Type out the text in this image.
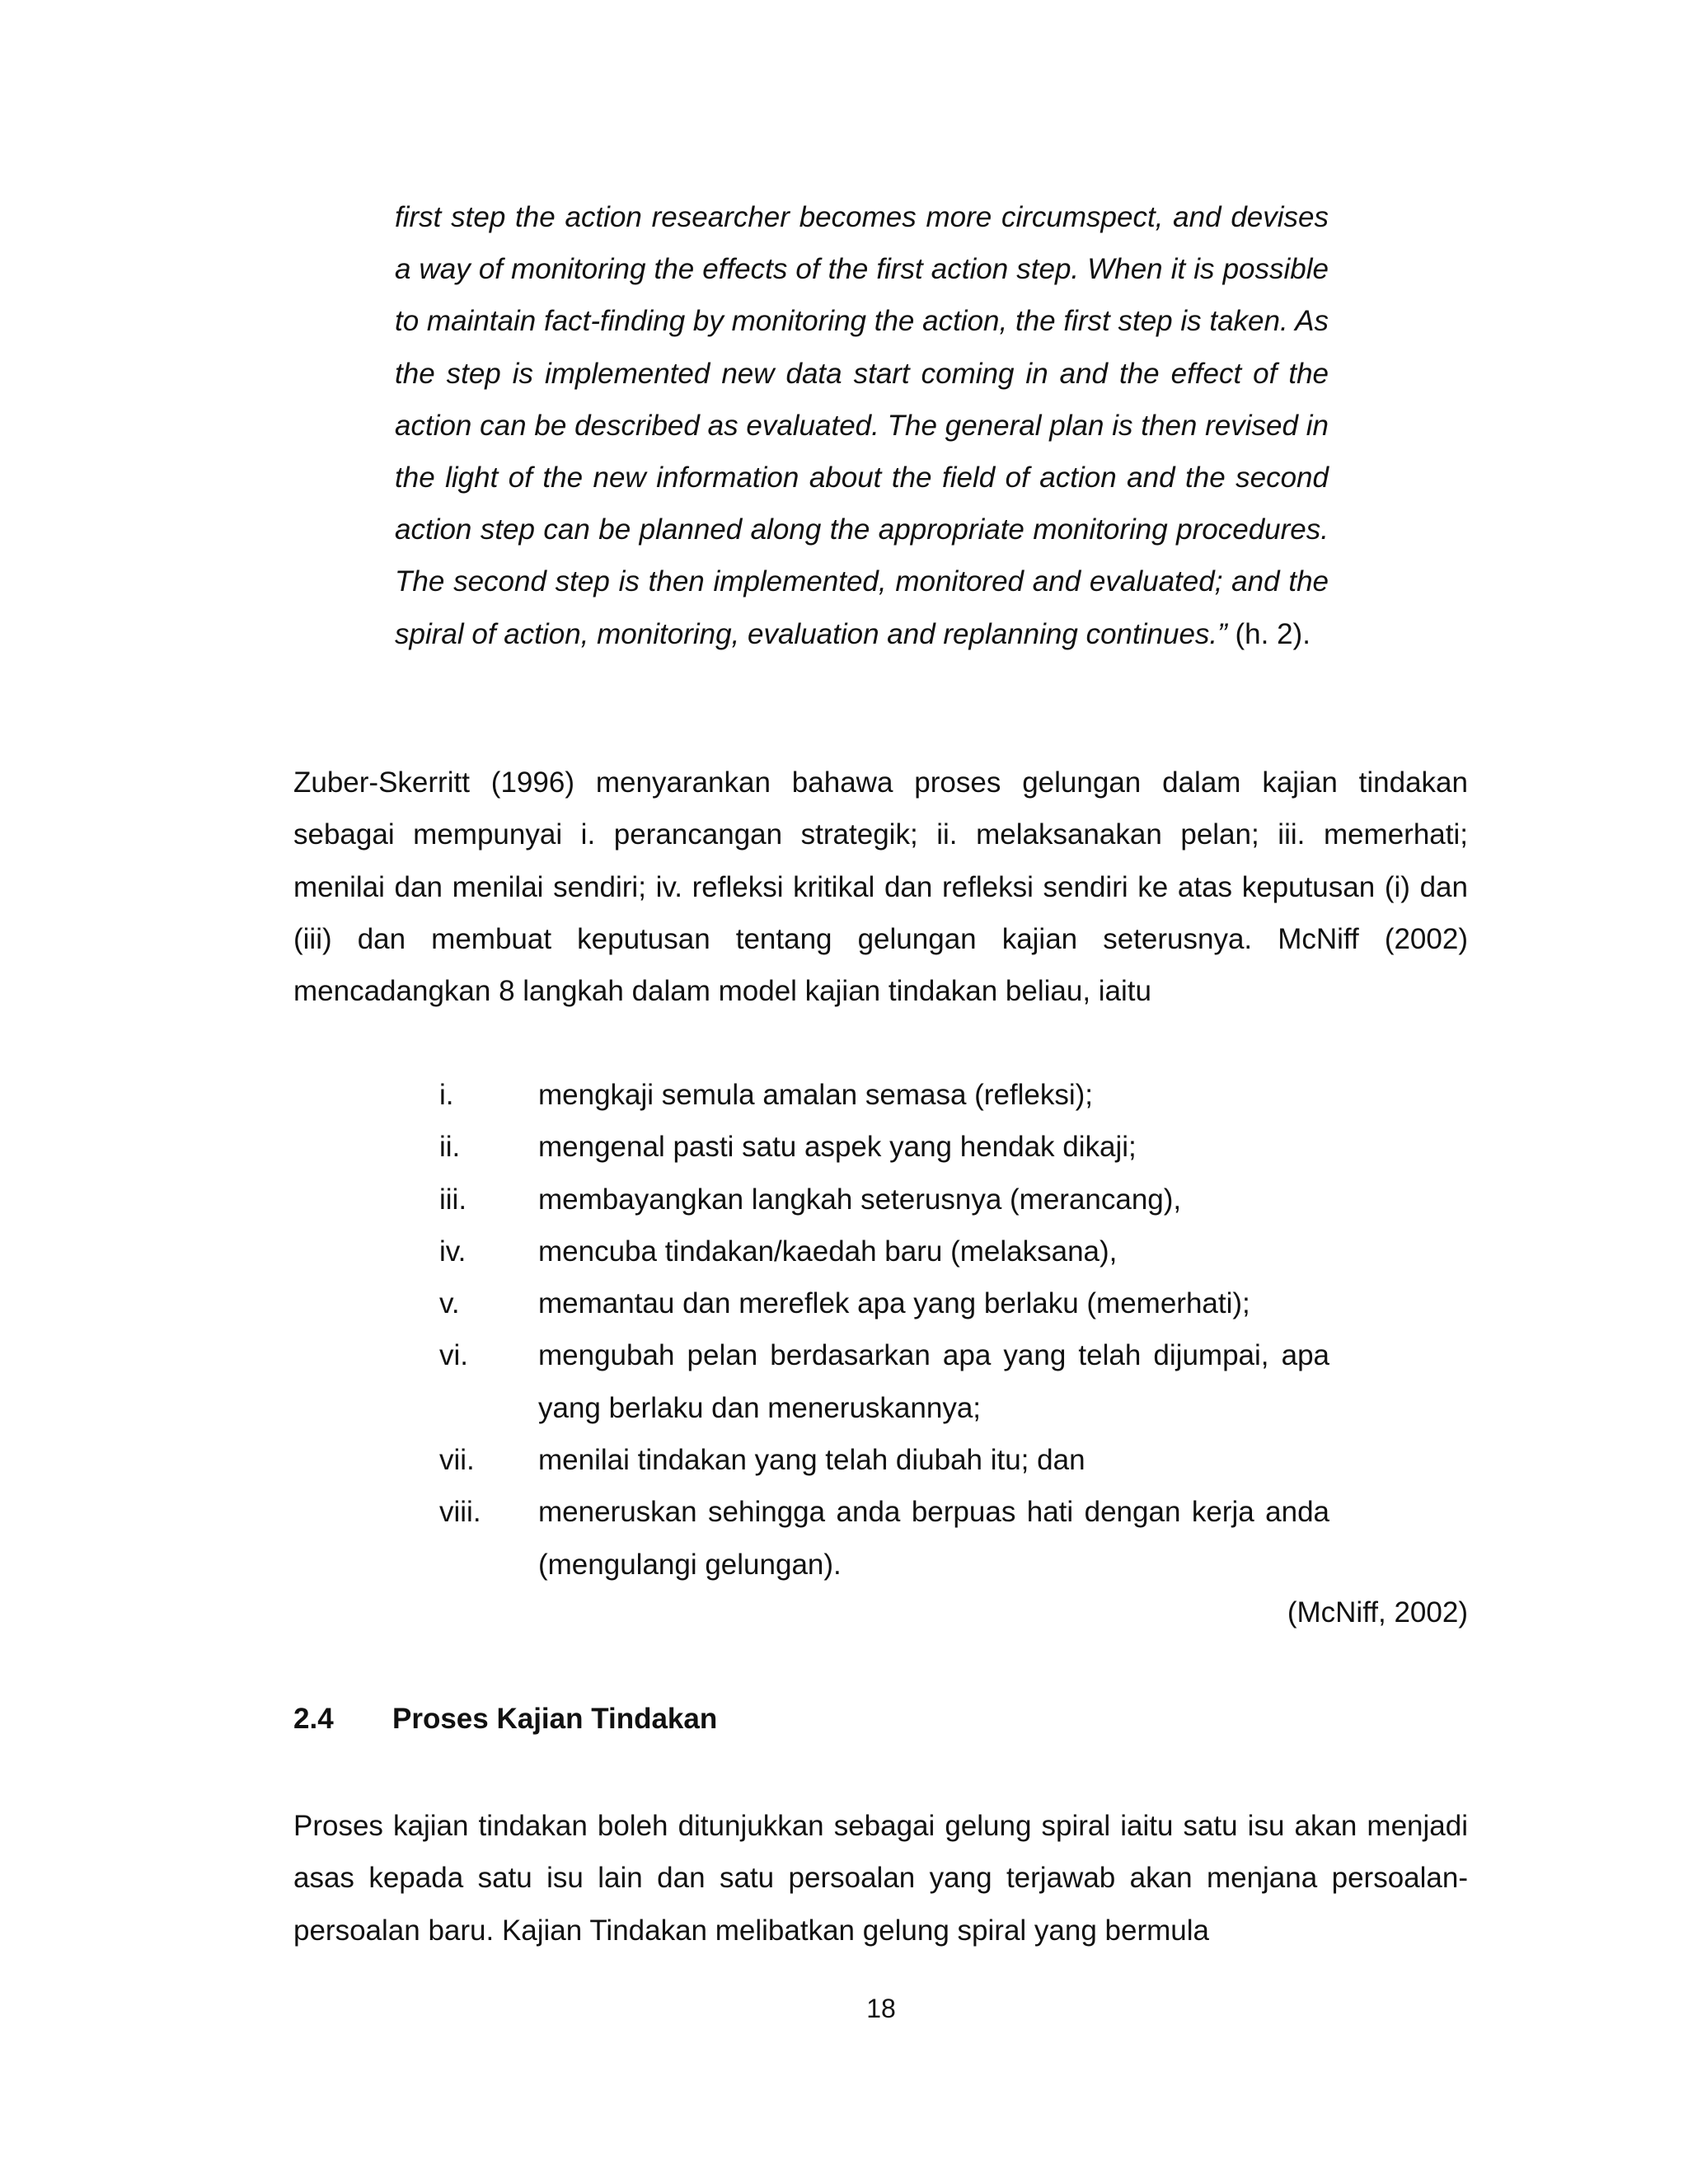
first step the action researcher becomes more circumspect, and devises a way of monitoring the effects of the first action step. When it is possible to maintain fact-finding by monitoring the action, the first step is taken. As the step is implemented new data start coming in and the effect of the action can be described as evaluated. The general plan is then revised in the light of the new information about the field of action and the second action step can be planned along the appropriate monitoring procedures. The second step is then implemented, monitored and evaluated; and the spiral of action, monitoring, evaluation and replanning continues.” (h. 2).
Zuber-Skerritt (1996) menyarankan bahawa proses gelungan dalam kajian tindakan sebagai mempunyai i. perancangan strategik; ii. melaksanakan pelan; iii. memerhati; menilai dan menilai sendiri; iv. refleksi kritikal dan refleksi sendiri ke atas keputusan (i) dan (iii) dan membuat keputusan tentang gelungan kajian seterusnya. McNiff (2002) mencadangkan 8 langkah dalam model kajian tindakan beliau, iaitu
i.	mengkaji semula amalan semasa (refleksi);
ii.	mengenal pasti satu aspek yang hendak dikaji;
iii.	membayangkan langkah seterusnya (merancang),
iv.	mencuba tindakan/kaedah baru (melaksana),
v.	memantau dan mereflek apa yang berlaku (memerhati);
vi.	mengubah pelan berdasarkan apa yang telah dijumpai, apa yang berlaku dan meneruskannya;
vii.	menilai tindakan yang telah diubah itu; dan
viii.	meneruskan sehingga anda berpuas hati dengan kerja anda (mengulangi gelungan).
(McNiff, 2002)
2.4	Proses Kajian Tindakan
Proses kajian tindakan boleh ditunjukkan sebagai gelung spiral iaitu satu isu akan menjadi asas kepada satu isu lain dan satu persoalan yang terjawab akan menjana persoalan-persoalan baru. Kajian Tindakan melibatkan gelung spiral yang bermula
18
